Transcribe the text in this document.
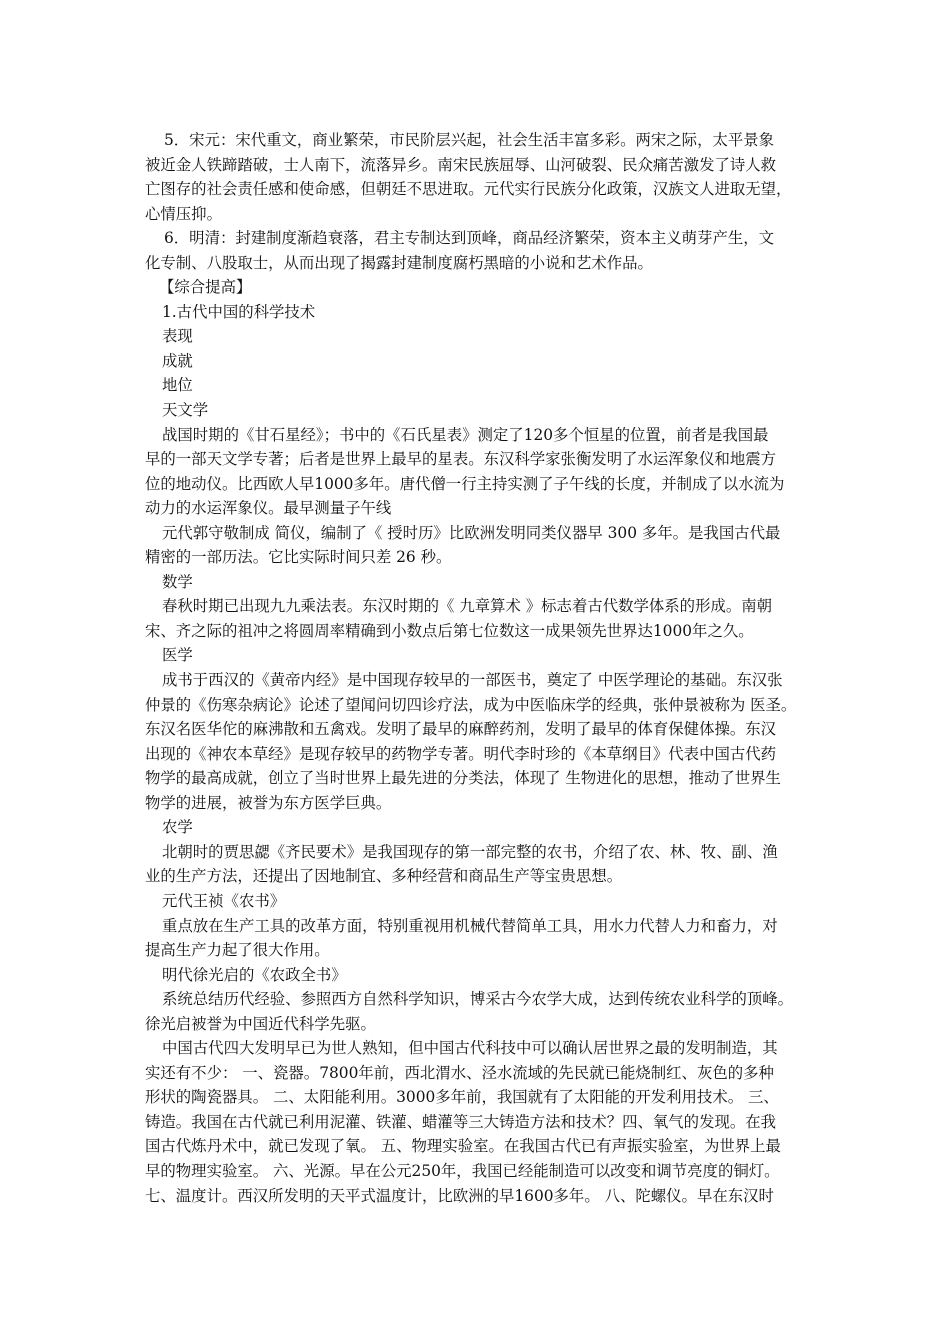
5．宋元：宋代重文，商业繁荣，市民阶层兴起，社会生活丰富多彩。两宋之际，太平景象
被近金人铁蹄踏破，士人南下，流落异乡。南宋民族屈辱、山河破裂、民众痛苦激发了诗人救
亡图存的社会责任感和使命感，但朝廷不思进取。元代实行民族分化政策，汉族文人进取无望，
心情压抑。
6．明清：封建制度渐趋衰落，君主专制达到顶峰，商品经济繁荣，资本主义萌芽产生，文
化专制、八股取士，从而出现了揭露封建制度腐朽黑暗的小说和艺术作品。
【综合提高】
1.古代中国的科学技术
表现
成就
地位
天文学
战国时期的《甘石星经》；书中的《石氏星表》测定了120多个恒星的位置，前者是我国最
早的一部天文学专著；后者是世界上最早的星表。东汉科学家张衡发明了水运浑象仪和地震方
位的地动仪。比西欧人早1000多年。唐代僧一行主持实测了子午线的长度，并制成了以水流为
动力的水运浑象仪。最早测量子午线
元代郭守敬制成 简仪，编制了《 授时历》比欧洲发明同类仪器早 300 多年。是我国古代最
精密的一部历法。它比实际时间只差 26 秒。
数学
春秋时期已出现九九乘法表。东汉时期的《 九章算术 》标志着古代数学体系的形成。南朝
宋、齐之际的祖冲之将圆周率精确到小数点后第七位数这一成果领先世界达1000年之久。
医学
成书于西汉的《黄帝内经》是中国现存较早的一部医书，奠定了 中医学理论的基础。东汉张
仲景的《伤寒杂病论》论述了望闻问切四诊疗法，成为中医临床学的经典，张仲景被称为 医圣。
东汉名医华佗的麻沸散和五禽戏。发明了最早的麻醉药剂，发明了最早的体育保健体操。东汉
出现的《神农本草经》是现存较早的药物学专著。明代李时珍的《本草纲目》代表中国古代药
物学的最高成就，创立了当时世界上最先进的分类法，体现了 生物进化的思想，推动了世界生
物学的进展，被誉为东方医学巨典。
农学
北朝时的贾思勰《齐民要术》是我国现存的第一部完整的农书，介绍了农、林、牧、副、渔
业的生产方法，还提出了因地制宜、多种经营和商品生产等宝贵思想。
元代王祯《农书》
重点放在生产工具的改革方面，特别重视用机械代替简单工具，用水力代替人力和畜力，对
提高生产力起了很大作用。
明代徐光启的《农政全书》
系统总结历代经验、参照西方自然科学知识，博采古今农学大成，达到传统农业科学的顶峰。
徐光启被誉为中国近代科学先驱。
中国古代四大发明早已为世人熟知，但中国古代科技中可以确认居世界之最的发明制造，其
实还有不少： 一、瓷器。7800年前，西北渭水、泾水流域的先民就已能烧制红、灰色的多种
形状的陶瓷器具。 二、太阳能利用。3000多年前，我国就有了太阳能的开发利用技术。 三、
铸造。我国在古代就已利用泥灌、铁灌、蜡灌等三大铸造方法和技术？四、氧气的发现。在我
国古代炼丹术中，就已发现了氧。 五、物理实验室。在我国古代已有声振实验室，为世界上最
早的物理实验室。 六、光源。早在公元250年，我国已经能制造可以改变和调节亮度的铜灯。
七、温度计。西汉所发明的天平式温度计，比欧洲的早1600多年。 八、陀螺仪。早在东汉时
